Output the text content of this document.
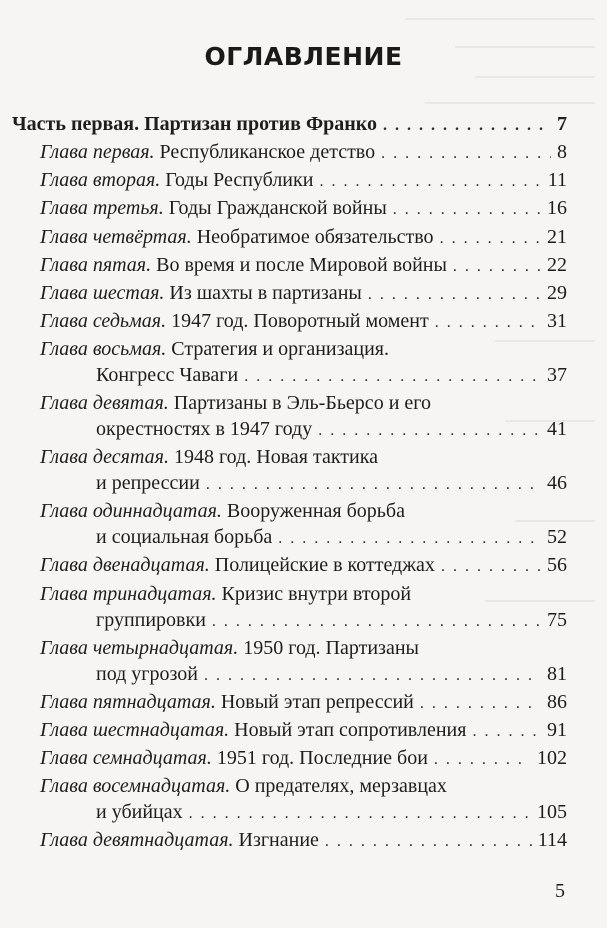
ОГЛАВЛЕНИЕ
Часть первая. Партизан против Франко . . .	7
Глава первая. Республиканское детство . . .	8
Глава вторая. Годы Республики . . .	11
Глава третья. Годы Гражданской войны . . .	16
Глава четвёртая. Необратимое обязательство . . .	21
Глава пятая. Во время и после Мировой войны . . .	22
Глава шестая. Из шахты в партизаны . . .	29
Глава седьмая. 1947 год. Поворотный момент . . .	31
Глава восьмая. Стратегия и организация.
Конгресс Чаваги . . .	37
Глава девятая. Партизаны в Эль-Бьерсо и его
окрестностях в 1947 году . . .	41
Глава десятая. 1948 год. Новая тактика
и репрессии . . .	46
Глава одиннадцатая. Вооруженная борьба
и социальная борьба . . .	52
Глава двенадцатая. Полицейские в коттеджах . . .	56
Глава тринадцатая. Кризис внутри второй
группировки . . .	75
Глава четырнадцатая. 1950 год. Партизаны
под угрозой . . .	81
Глава пятнадцатая. Новый этап репрессий . . .	86
Глава шестнадцатая. Новый этап сопротивления . . .	91
Глава семнадцатая. 1951 год. Последние бои . . .	102
Глава восемнадцатая. О предателях, мерзавцах
и убийцах . . .	105
Глава девятнадцатая. Изгнание . . .	114
5
